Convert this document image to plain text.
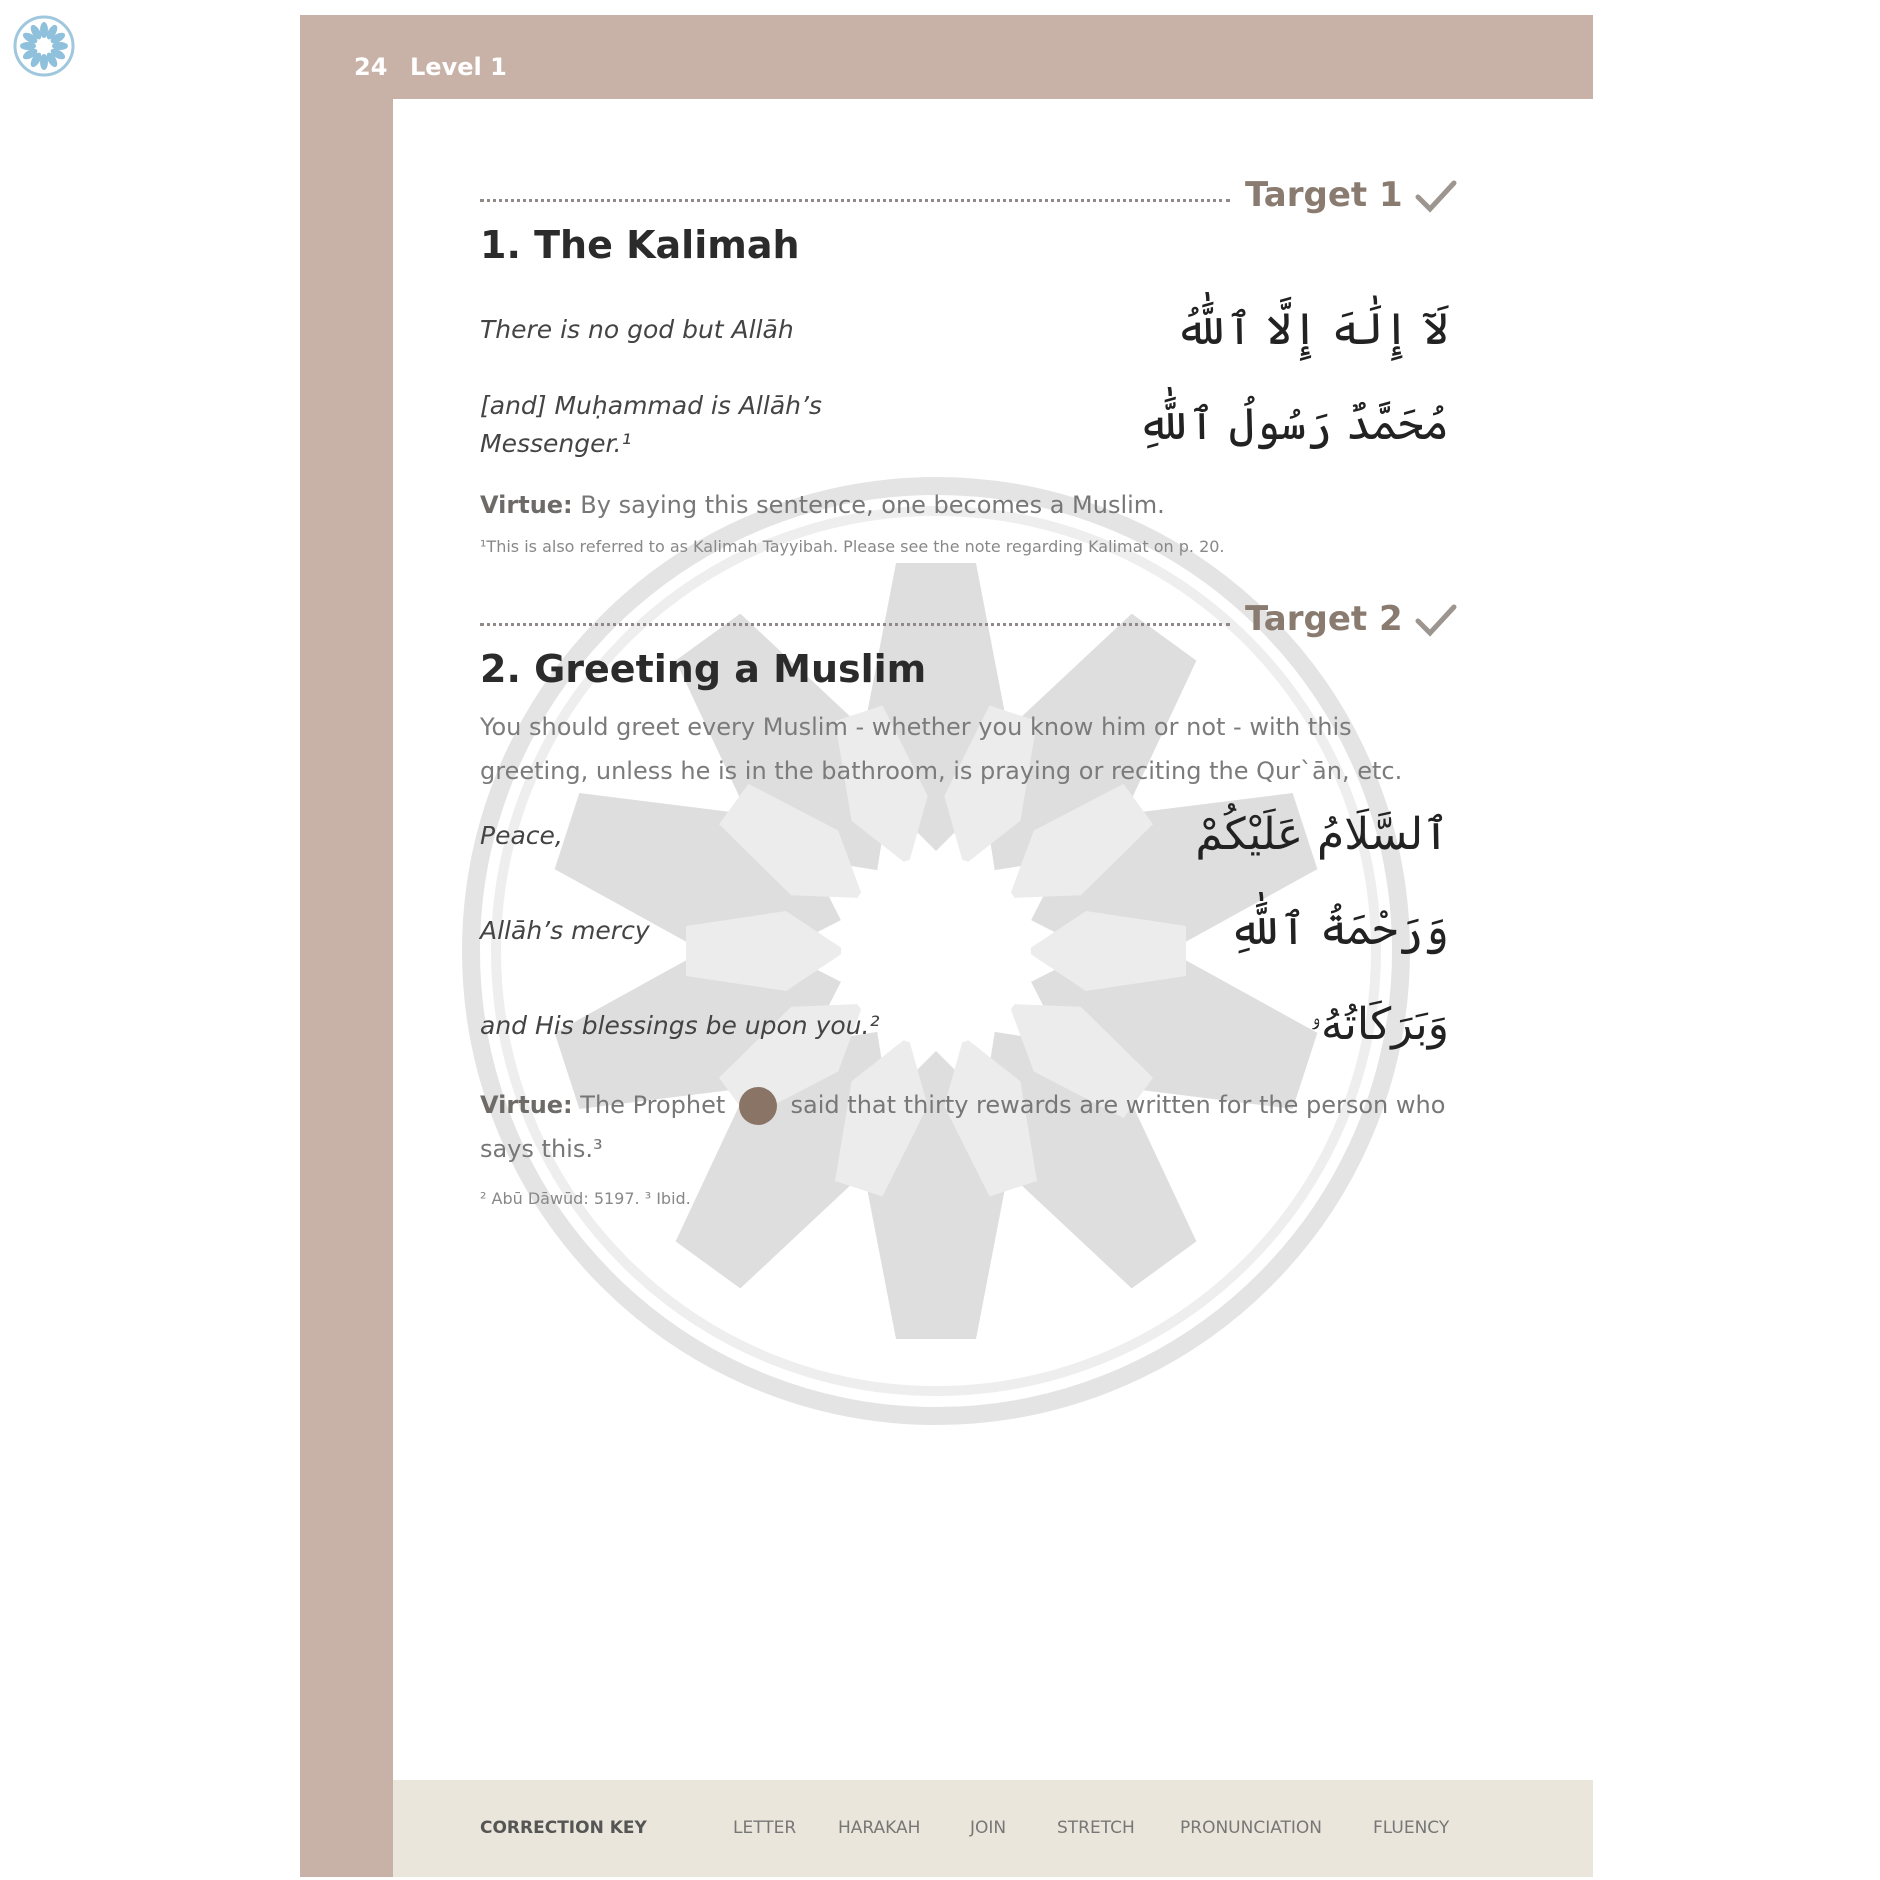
24 Level 1
Target 1
1. The Kalimah
There is no god but Allāh	لَآ إِلَٰهَ إِلَّا ٱللَّٰهُ
[and] Muḥammad is Allāh’s Messenger.¹	مُحَمَّدٌ رَسُولُ ٱللَّٰهِ
Virtue: By saying this sentence, one becomes a Muslim.
¹This is also referred to as Kalimah Tayyibah. Please see the note regarding Kalimat on p. 20.
Target 2
2. Greeting a Muslim
You should greet every Muslim - whether you know him or not - with this greeting, unless he is in the bathroom, is praying or reciting the Qur`ān, etc.
Peace,	ٱلسَّلَامُ عَلَيْكُمْ
Allāh’s mercy	وَرَحْمَةُ ٱللَّٰهِ
and His blessings be upon you.²	وَبَرَكَاتُهُۥ
Virtue: The Prophet	said that thirty rewards are written for the person who says this.³
² Abū Dāwūd: 5197. ³ Ibid.
CORRECTION KEY	LETTER HARAKAH	JOIN	STRETCH	PRONUNCIATION	FLUENCY
